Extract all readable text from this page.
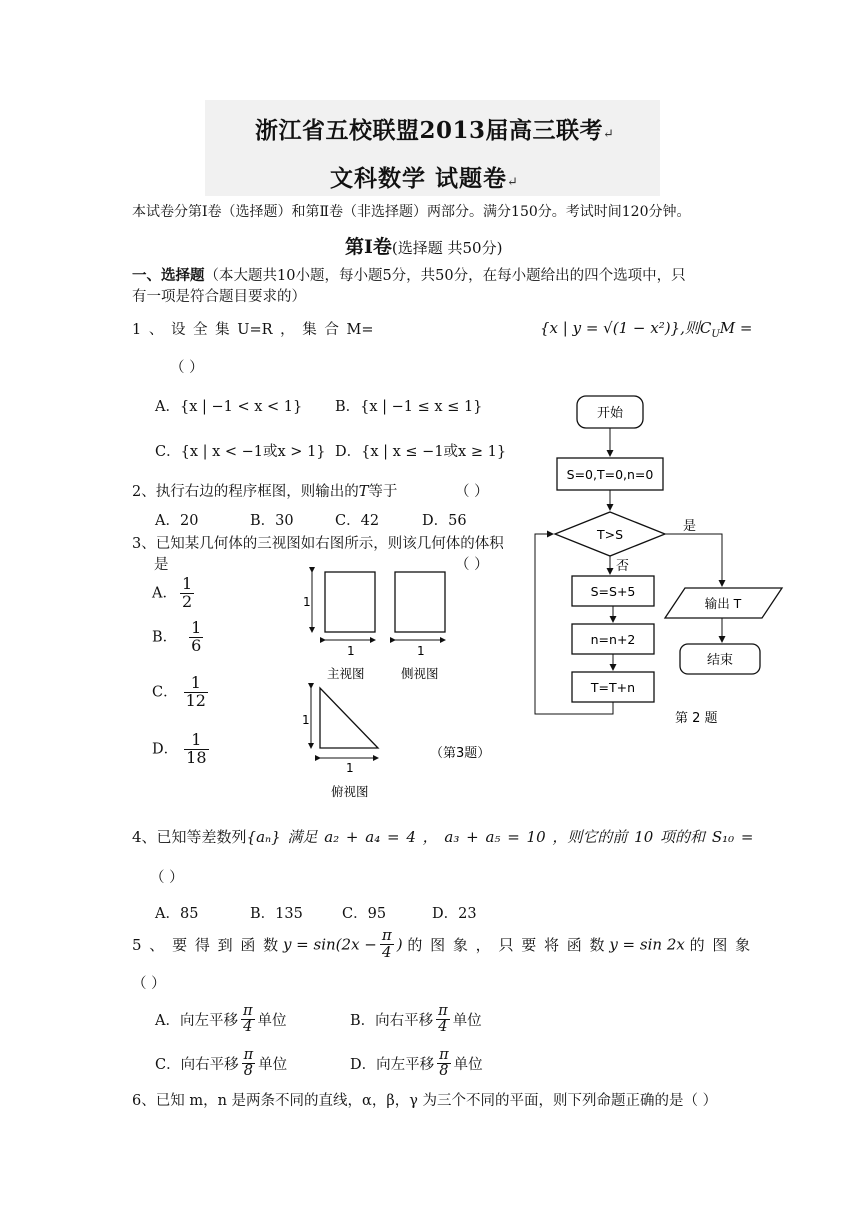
浙江省五校联盟2013届高三联考↵
文科数学 试题卷↵
本试卷分第Ⅰ卷（选择题）和第Ⅱ卷（非选择题）两部分。满分150分。考试时间120分钟。
第Ⅰ卷(选择题 共50分)
一、选择题（本大题共10小题，每小题5分，共50分，在每小题给出的四个选项中，只
有一项是符合题目要求的）
1 、 设 全 集 U=R ， 集 合 M=	{x | y = √(1 − x²)},则$C_UM$ =
（ ）
A．{x | −1 < x < 1} B．{x | −1 ≤ x ≤ 1}
C．{x | x < −1或x > 1} D．{x | x ≤ −1或x ≥ 1}
2、执行右边的程序框图，则输出的T等于	（ ）
A．20	B．30	C．42	D．56
3、已知某几何体的三视图如右图所示，则该几何体的体积
是	（ ）
A． $\frac{1}{2}$
B． $\frac{1}{6}$
C． $\frac{1}{12}$
D． $\frac{1}{18}$
1
1
主视图
1
侧视图
1
1
俯视图
（第3题）
开始
S=0,T=0,n=0
T>S
是
输出 T
结束
否
S=S+5
n=n+2
T=T+n
第 2 题
4、已知等差数列{aₙ} 满足 a₂ + a₄ = 4 ， a₃ + a₅ = 10 ，则它的前 10 项的和 S₁₀ =
（ ）
A．85	B．135	C．95	D．23
5 、 要 得 到 函 数 $y = \sin(2x - \frac{\pi}{4}$ ) 的 图 象 ， 只 要 将 函 数 y = sin 2x 的 图 象
（ ）
A．向左平移 $\frac{\pi}{4}$ 单位	B．向右平移 $\frac{\pi}{4}$ 单位
C．向右平移 $\frac{\pi}{8}$ 单位	D．向左平移 $\frac{\pi}{8}$ 单位
6、已知 m，n 是两条不同的直线，α，β，γ 为三个不同的平面，则下列命题正确的是（ ）
